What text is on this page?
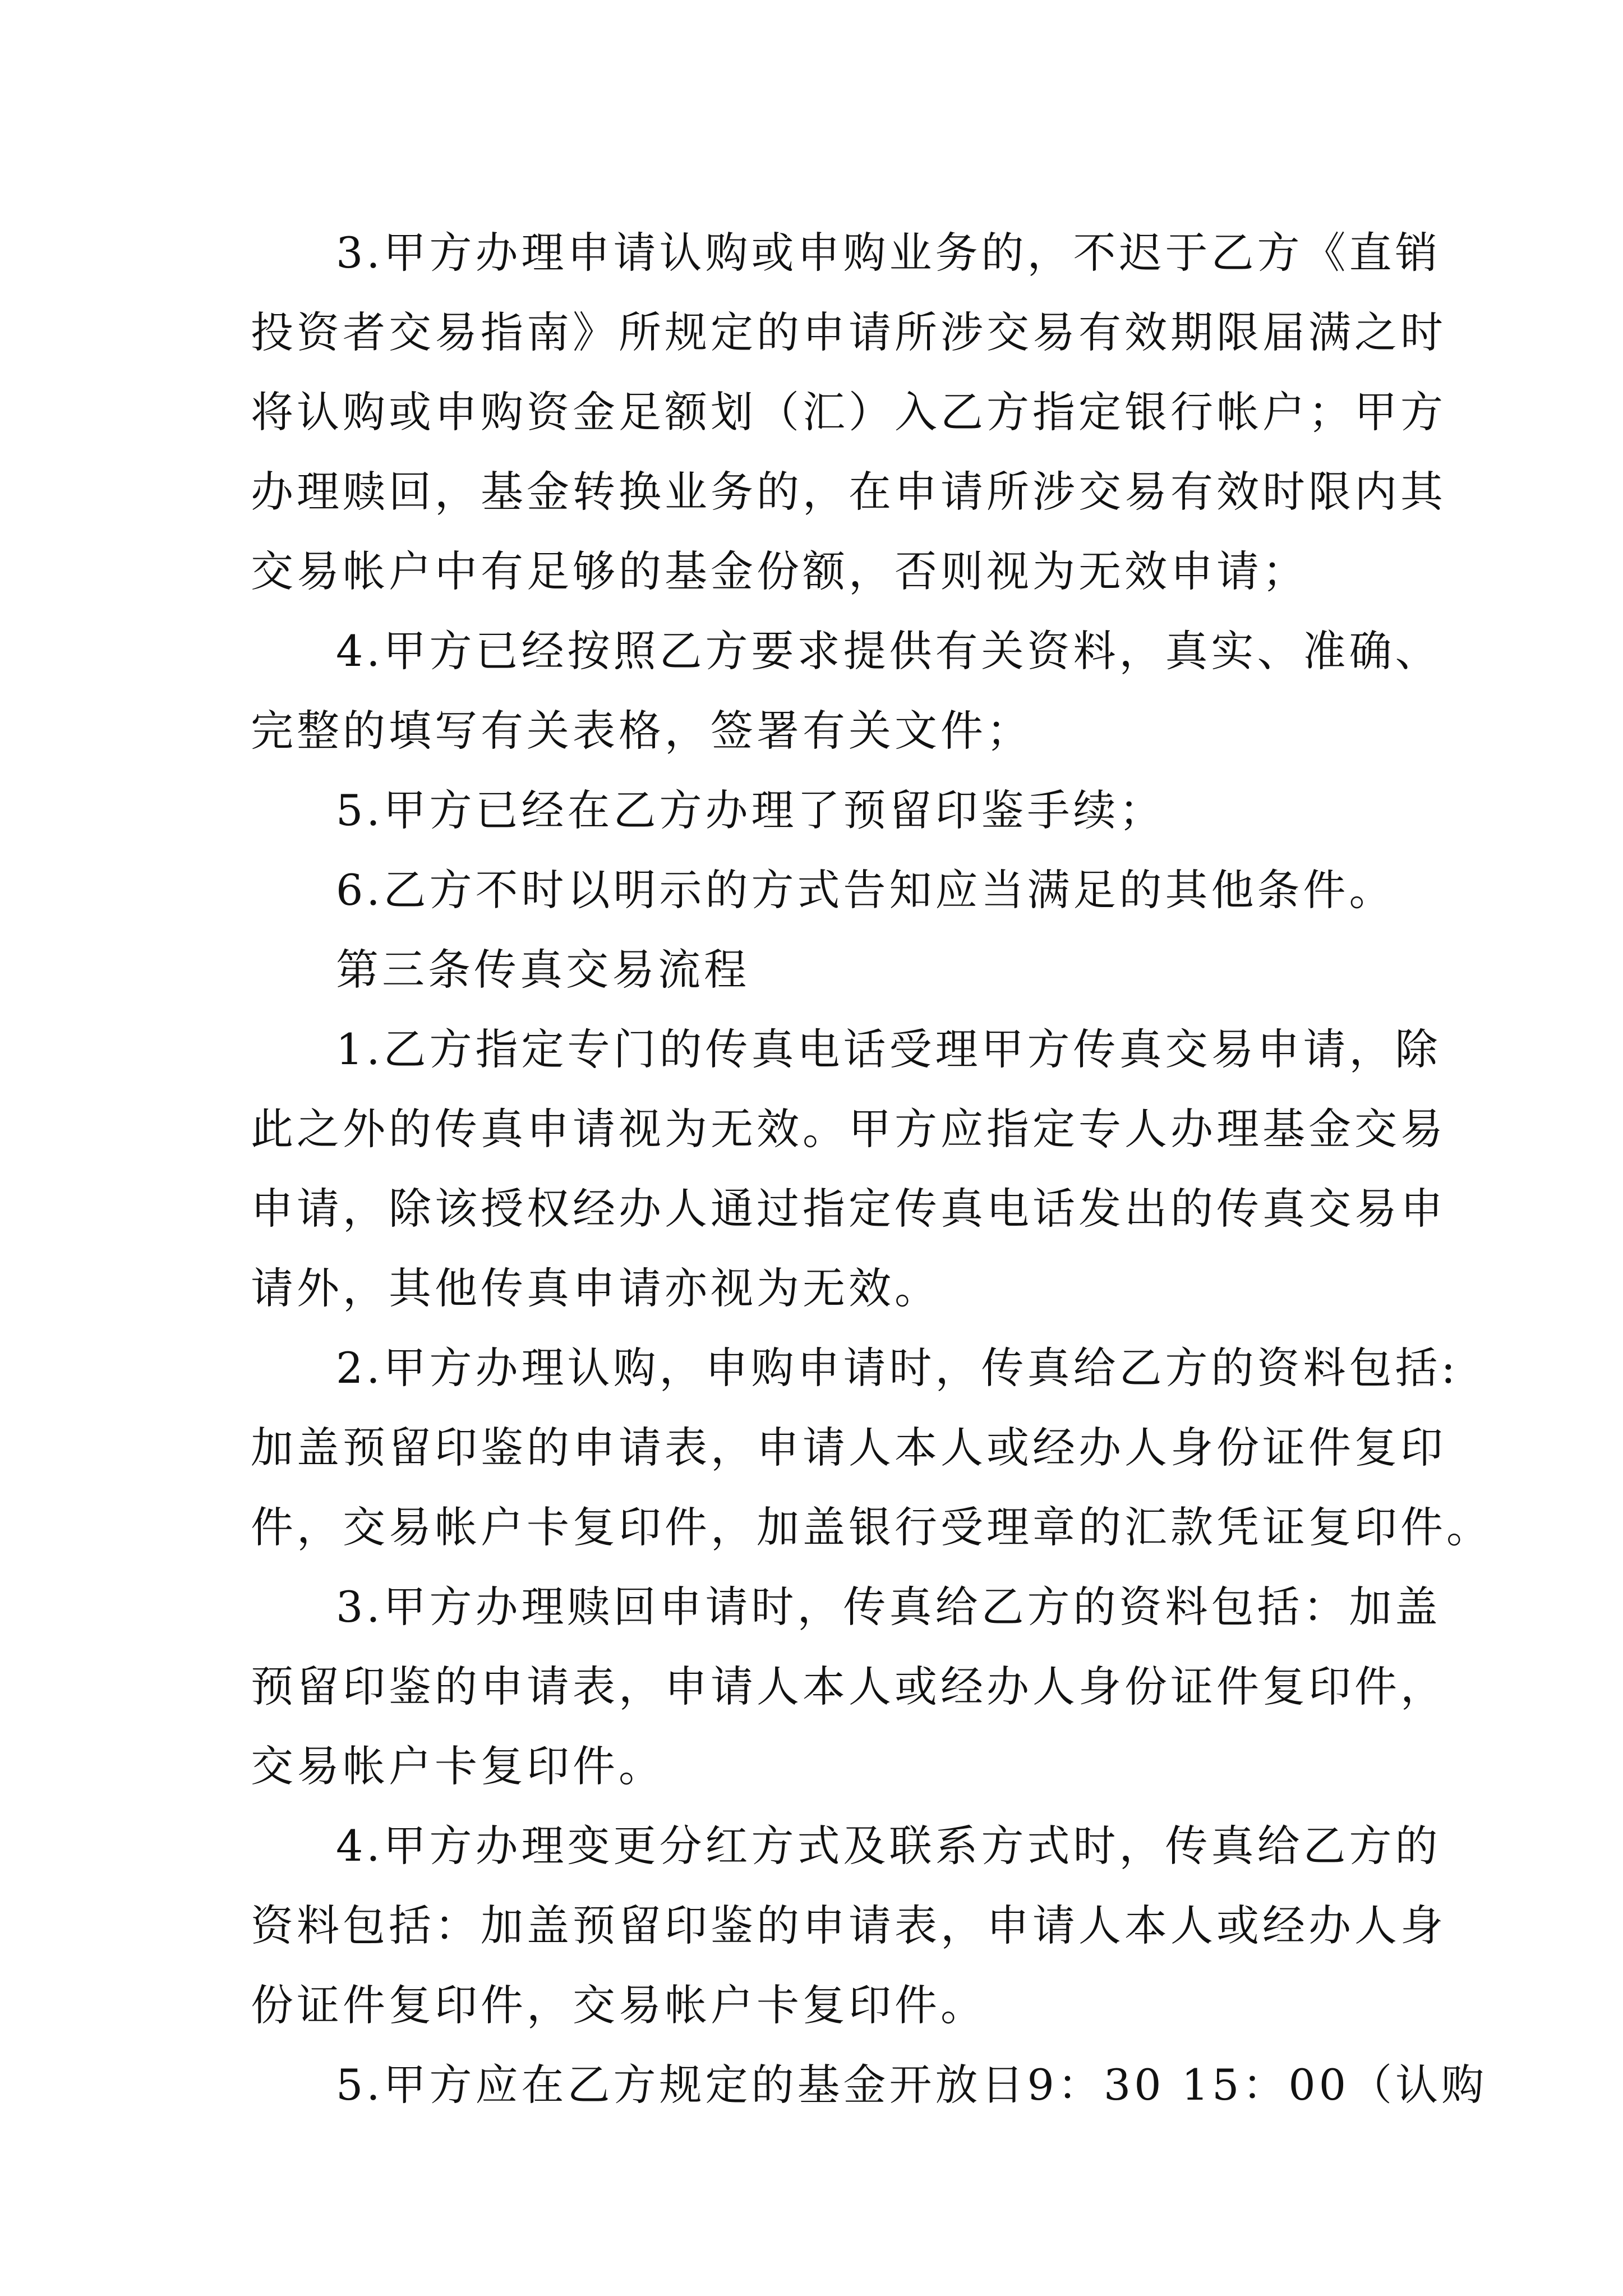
3.甲方办理申请认购或申购业务的，不迟于乙方《直销
投资者交易指南》所规定的申请所涉交易有效期限届满之时
将认购或申购资金足额划（汇）入乙方指定银行帐户；甲方
办理赎回，基金转换业务的，在申请所涉交易有效时限内其
交易帐户中有足够的基金份额，否则视为无效申请；
4.甲方已经按照乙方要求提供有关资料，真实、准确、
完整的填写有关表格，签署有关文件；
5.甲方已经在乙方办理了预留印鉴手续；
6.乙方不时以明示的方式告知应当满足的其他条件。
第三条传真交易流程
1.乙方指定专门的传真电话受理甲方传真交易申请，除
此之外的传真申请视为无效。甲方应指定专人办理基金交易
申请，除该授权经办人通过指定传真电话发出的传真交易申
请外，其他传真申请亦视为无效。
2.甲方办理认购，申购申请时，传真给乙方的资料包括:
加盖预留印鉴的申请表，申请人本人或经办人身份证件复印
件，交易帐户卡复印件，加盖银行受理章的汇款凭证复印件。
3.甲方办理赎回申请时，传真给乙方的资料包括：加盖
预留印鉴的申请表，申请人本人或经办人身份证件复印件，
交易帐户卡复印件。
4.甲方办理变更分红方式及联系方式时，传真给乙方的
资料包括：加盖预留印鉴的申请表，申请人本人或经办人身
份证件复印件，交易帐户卡复印件。
5.甲方应在乙方规定的基金开放日9：30 15：00（认购
